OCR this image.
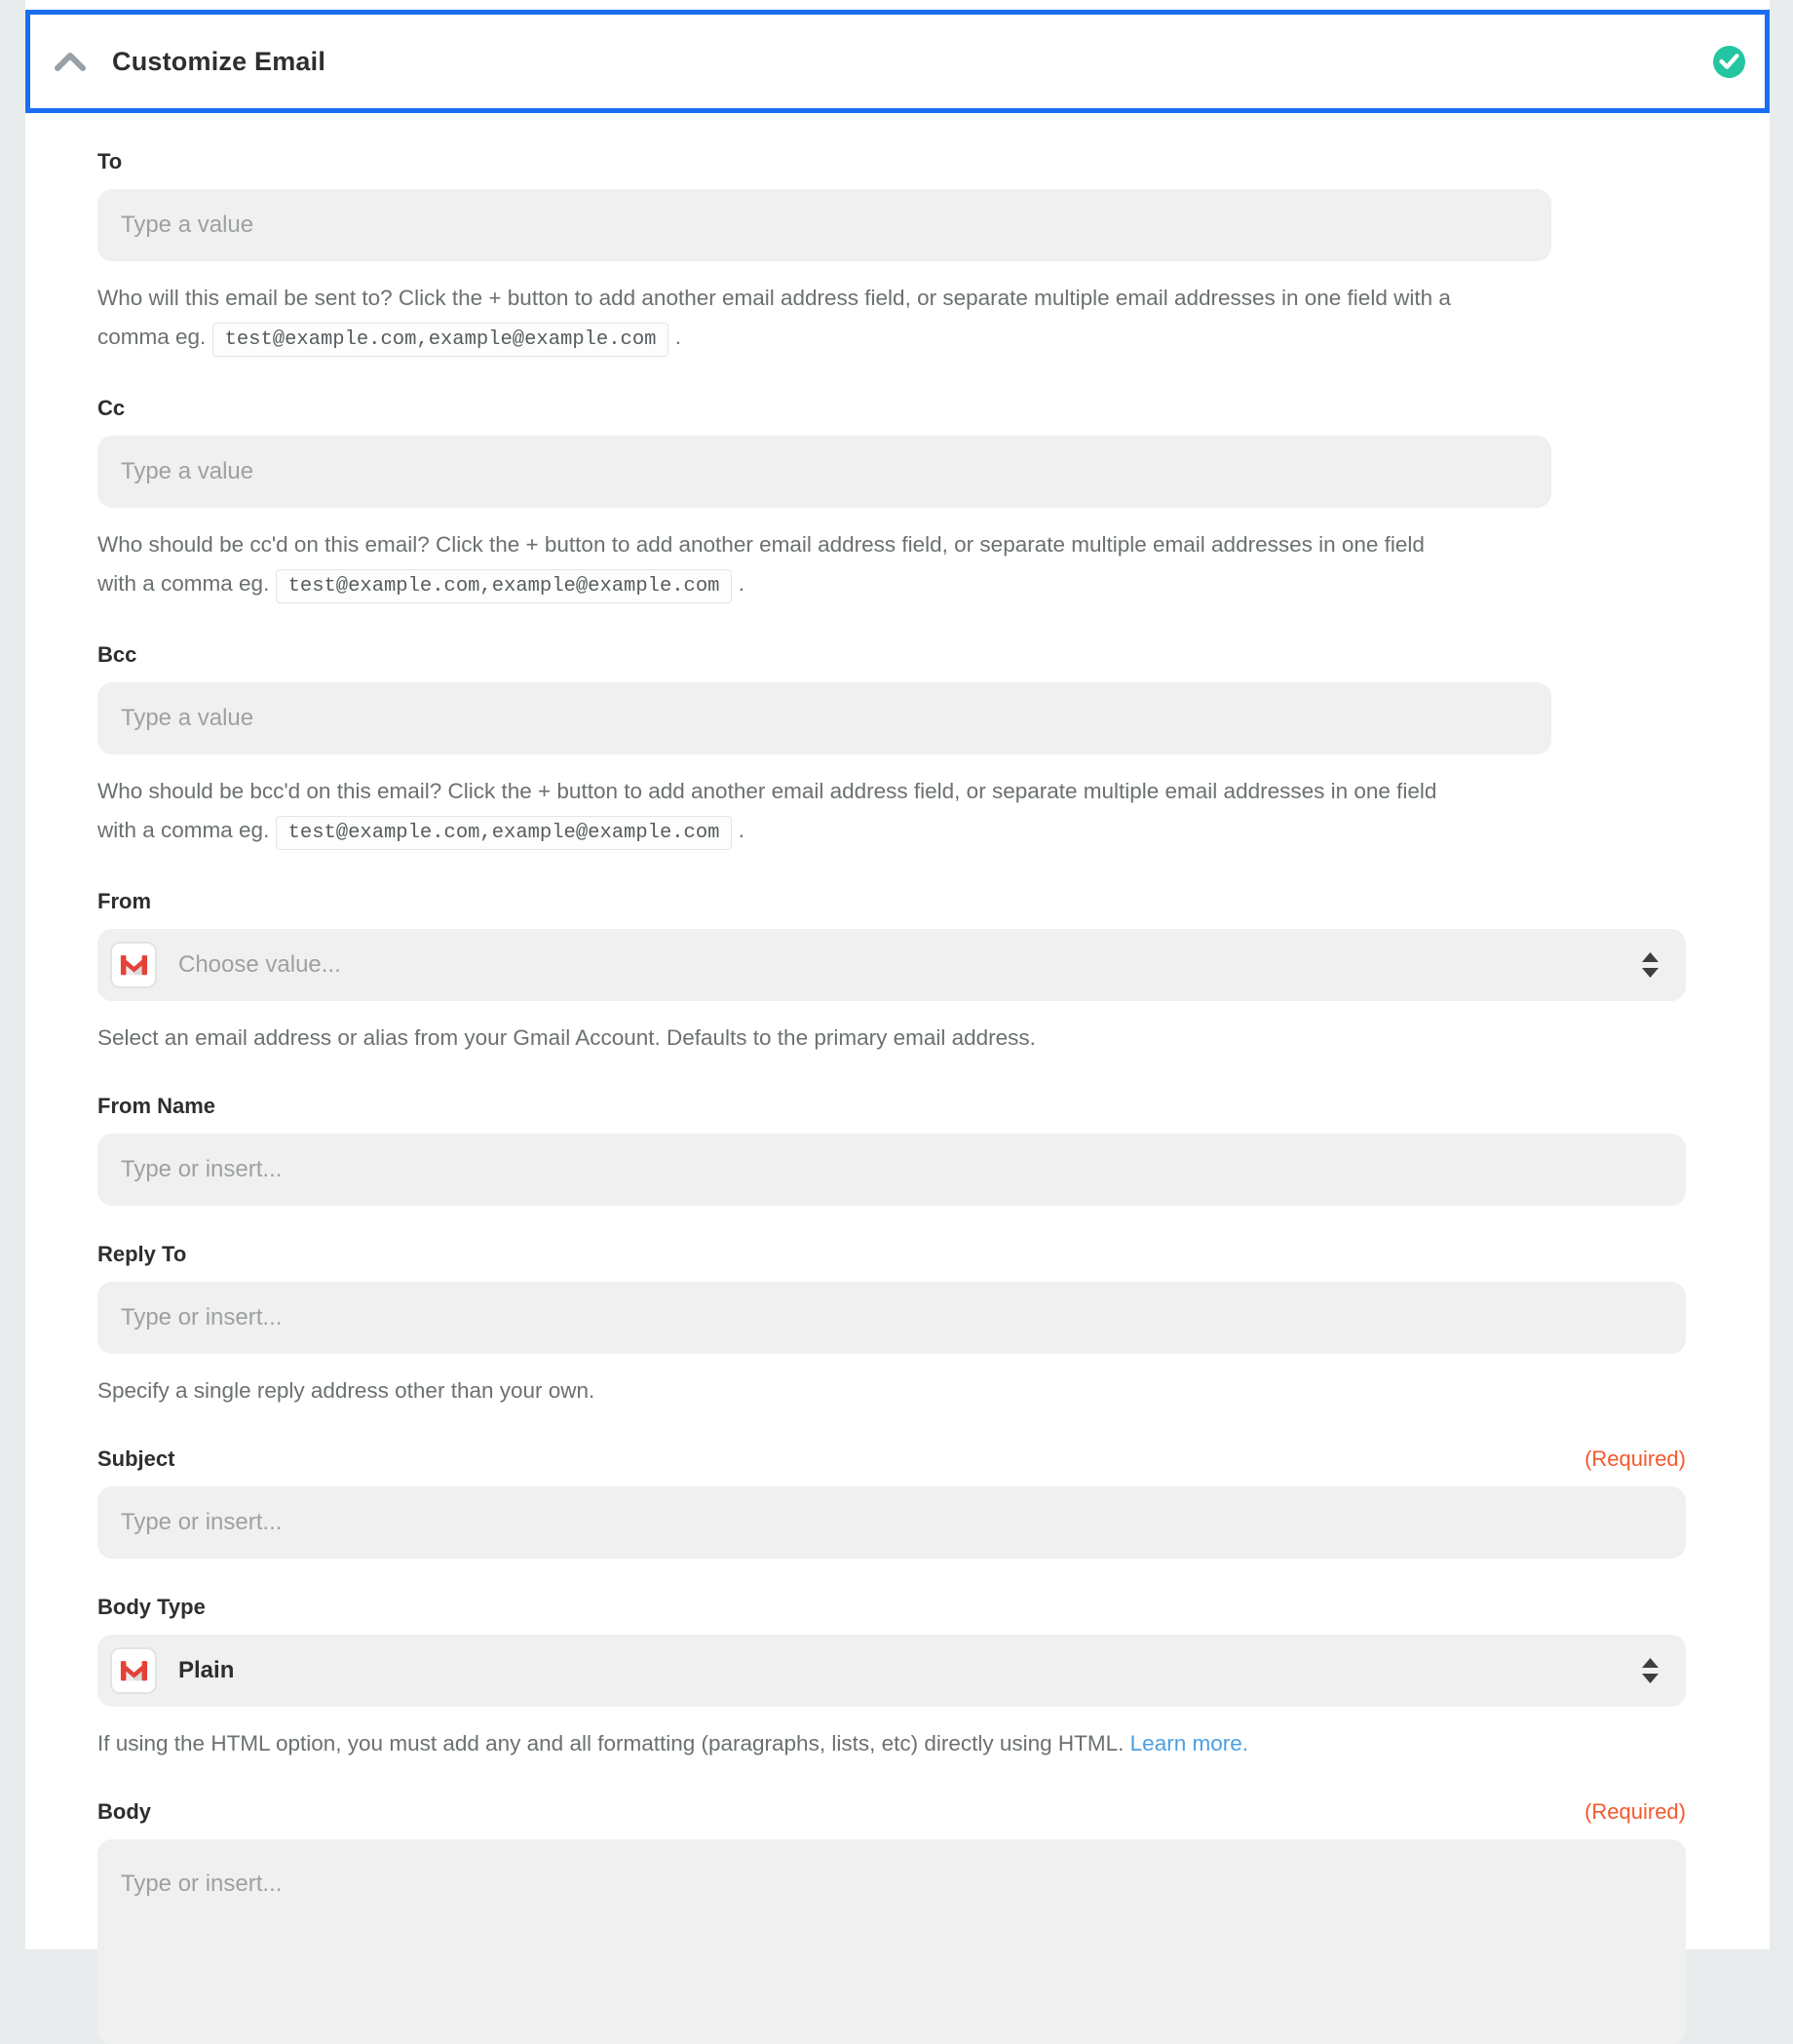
Customize Email
To
Type a value
Who will this email be sent to? Click the + button to add another email address field, or separate multiple email addresses in one field with a
comma eg. test@example.com,example@example.com .
Cc
Type a value
Who should be cc'd on this email? Click the + button to add another email address field, or separate multiple email addresses in one field
with a comma eg. test@example.com,example@example.com .
Bcc
Type a value
Who should be bcc'd on this email? Click the + button to add another email address field, or separate multiple email addresses in one field
with a comma eg. test@example.com,example@example.com .
From
Choose value...
Select an email address or alias from your Gmail Account. Defaults to the primary email address.
From Name
Type or insert...
Reply To
Type or insert...
Specify a single reply address other than your own.
Subject	(Required)
Type or insert...
Body Type
Plain
If using the HTML option, you must add any and all formatting (paragraphs, lists, etc) directly using HTML. Learn more.
Body	(Required)
Type or insert...
